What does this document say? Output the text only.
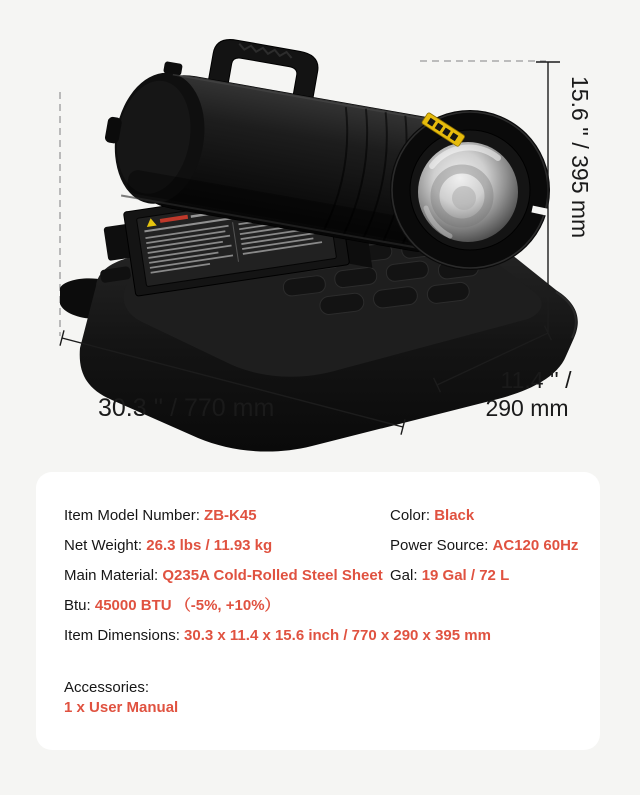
30.3 '' / 770 mm
11.4 '' /
290 mm
15.6 '' / 395 mm
Item Model Number: ZB-K45	Color: Black
Net Weight: 26.3 lbs / 11.93 kg	Power Source: AC120 60Hz
Main Material: Q235A Cold-Rolled Steel Sheet Gal: 19 Gal / 72 L
Btu: 45000 BTU （-5%, +10%）
Item Dimensions: 30.3 x 11.4 x 15.6 inch / 770 x 290 x 395 mm
Accessories:
1 x User Manual
